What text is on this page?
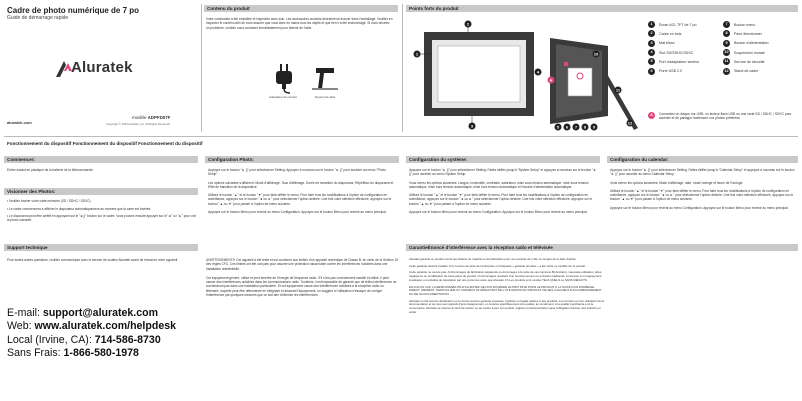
Cadre de photo numérique de 7 po
Guide de démarrage rapide
Aluratek
modèle ADPFD07F
aluratek.com	Copyright © 2010 Aluratek, Inc. All Rights Reserved.
Contenu du produit
Votre commande a été emballée et inspectée avec soin. Les accessoires suivants devraient se trouver dans l'emballage. Veuillez en inspecter le contenu afin de vous assurer que vous avez en mains tous les objets et que rien n'a été endommagé. Si vous décelez un problème, veuillez nous contacter immédiatement pour obtenir de l'aide.
Adaptateur de courant	Support de table
Points forts du produit
2
1
3
4
A
10
11
12
5 6 7 8 9
1	Écran ACL TFT de 7 po	7	Bouton menu
2	Cadre en bois	8	Pavé directionnel
3	Mat blanc	9	Bouton d'alimentation
4	Slot SD/SDHC/SDXC	10	Suspension murale
5	Port d'adaptateur secteur	11	Serrure de sécurité
6	Porte USB 2.0	12	Stand de cadre
A	Connectez un disque dur USB, un lecteur flash USB ou une carte SD / SDHC / SDXC pour accéder et de partager facilement vos photos préférées
Fonctionnement du dispositif Fonctionnement du dispositif Fonctionnement du dispositif
Commencer:
Entrer isolant en plastique de la batterie de la télécommande.
Visionner des Photos:
• Veuillez insérer votre carte mémoire (SD / SDHC / SDXC).
• Le cadre commencera à afficher le diaporama automatiquement au moment que la carte est insérée.
• Le diaporama peut être arrêté en appuyant sur le "►||" bouton sur le cadre. Vous pouvez ensuite appuyer sur le"◄" ou "►" pour voir la photo suivante.
Configuration Photo:
Appuyez sur le bouton "► ||" pour sélectionner Setting. Appuyez à nouveau sur le bouton "► ||" pour accéder au menu "Photo Setup".
Les options suivantes s'affichent: Mode d'affichage, Taux d'affichage, Durée de transition du diaporama, Répétition du diaporama et Effet de transition de la diapositive.
Utilisez le bouton "▲" et le bouton "▼" pour faire défiler le menu. Pour faire tous les modifications à l'option de configuration en surbrillance, appuyez sur le bouton "◄ ou ►" pour sélectionner l'option désirée. Une fois votre sélection effectuée, appuyez sur le bouton "▲ ou ▼" pour passer à l'option de menu suivante.
Appuyez sur le bouton Menu pour revenir au menu Configuration. Appuyez sur le bouton Menu pour revenir au menu principal.
Configuration du système:
Appuyez sur le bouton "► ||" pour sélectionner Setting. Faites défiler jusqu'à "System Setup" et appuyez à nouveau sur le bouton "► ||" pour accéder au menu System Setup.
Vous verrez les options suivantes: Langue, luminosité, contraste, saturation, mise sous tension automatique, mise sous tension automatique, mise hors tension automatique, mise hors tension automatique et l'horaire d'alimentation automatique.
Utilisez le bouton "▲" et le bouton "▼" pour faire défiler le menu. Pour faire tous les modifications à l'option de configuration en surbrillance, appuyez sur le bouton "◄ ou ►" pour sélectionner l'option désirée. Une fois votre sélection effectuée, appuyez sur le bouton "▲ ou ▼" pour passer à l'option de menu suivante.
Appuyez sur le bouton Menu pour revenir au menu Configuration. Appuyez sur le bouton Menu pour revenir au menu principal.
Configuration du calendar:
Appuyez sur le bouton "► ||" pour sélectionner Setting. Faites défiler jusqu'à "Calendar Setup" et appuyez à nouveau sur le bouton "► ||" pour accéder au menu Calendar Setup.
Vous verrez les options suivantes: Mode d'affichage, date, mode horloge et heure de l'horloge.
Utilisez le bouton "▲" et le bouton "▼" pour faire défiler le menu. Pour faire tous les modifications à l'option de configuration en surbrillance, appuyez sur le bouton "◄ ou ►" pour sélectionner l'option désirée. Une fois votre sélection effectuée, appuyez sur le bouton "▲ ou ▼" pour passer à l'option de menu suivante.
Appuyez sur le bouton Menu pour revenir au menu Configuration. Appuyez sur le bouton Menu pour revenir au menu principal.
Support technique
Pour toutes autres questions, veuillez communiquer avec le service de soutien Aluratek avant de retourner votre appareil.
E-mail: support@aluratek.com
Web: www.aluratek.com/helpdesk
Local (Irvine, CA): 714-586-8730
Sans Frais: 1-866-580-1978
AVERTISSEMENT!!! Cet appareil a été testé et est conforme aux limites d'un appareil numérique de Classe B, en vertu de la Section 15 des règles CFC. Ces limites ont été conçues pour assurer une protection raisonnable contre les interférences nuisibles dans une installation résidentielle.
Cet équipement génère, utilise et peut émettre de l'énergie de fréquence radio. S'il n'est pas correctement installé et utilisé, il peut causer des interférences nuisibles dans les communications radio. Toutefois, il est impossible de garantir que de telles interférences ne surviendront pas dans une installation particulière. Si cet équipement cause des interférences nuisibles à la réception radio ou télévisée, laquelle peut être déterminée en éteignant et allumant l'équipement, on suggère à l'utilisateur d'essayer de corriger l'interférence par quelques mesures que ce soit afin d'éliminer les interférences.
GarantieÉnoncé d'interférence avec la réception radio et télévisée
Aluratek garantit ce produit contre les défauts de matériel et de fabrication pour une période de 1 AN, à compter de la date d'achat.
Cette garantie devient invalide si le numéro de série de l'entreprise ou l'étiquette « garantie annulée » a été retiré ou modifié sur le produit.
Cette garantie ne couvre pas: A) Dommages de fabrication apparents ou dommages à la suite de cas imprévus B) Accident, mauvaise utilisation, abus, négligence ou modification de toute pièce du produit. C) Dommages résultant d'un fonctionnement ou entretien inadéquat, connexion à un équipement inadéquat, ou tentative de réparation par une personne autre que Aluratek. D) Les produits sont vendus TELS QUELS ou SANS DÉFAUTS.
EN AUCUN CAS, LA RESPONSABILITÉ D'ALURATEK NE DOIT EXCÉDER LE PRIX PAYÉ POUR LE PRODUIT À LA SUITE D'UN DOMMAGE DIRECT, INDIRECT, PARTICULIER OU CONSÉCUTIF RÉSULTANT DE L'UTILISATION DU PRODUIT, DE SES LOGICIELS D'ACCOMPAGNEMENT OU DE SA DOCUMENTATION.
Aluratek ne fait aucune déclaration et ne donne aucune garantie expresse, implicite ou légale relative à ses produits, son contenu ou son utilisation de la documentation et de tous ses logiciels d'accompagnement, et renonce spécifiquement à la qualité, au rendement, à la qualité marchande et à la convenance. Aluratek se réserve le droit de réviser ou de mettre à jour son produit, logiciel ou documentation sans l'obligation d'aviser tout individu ou entité.
